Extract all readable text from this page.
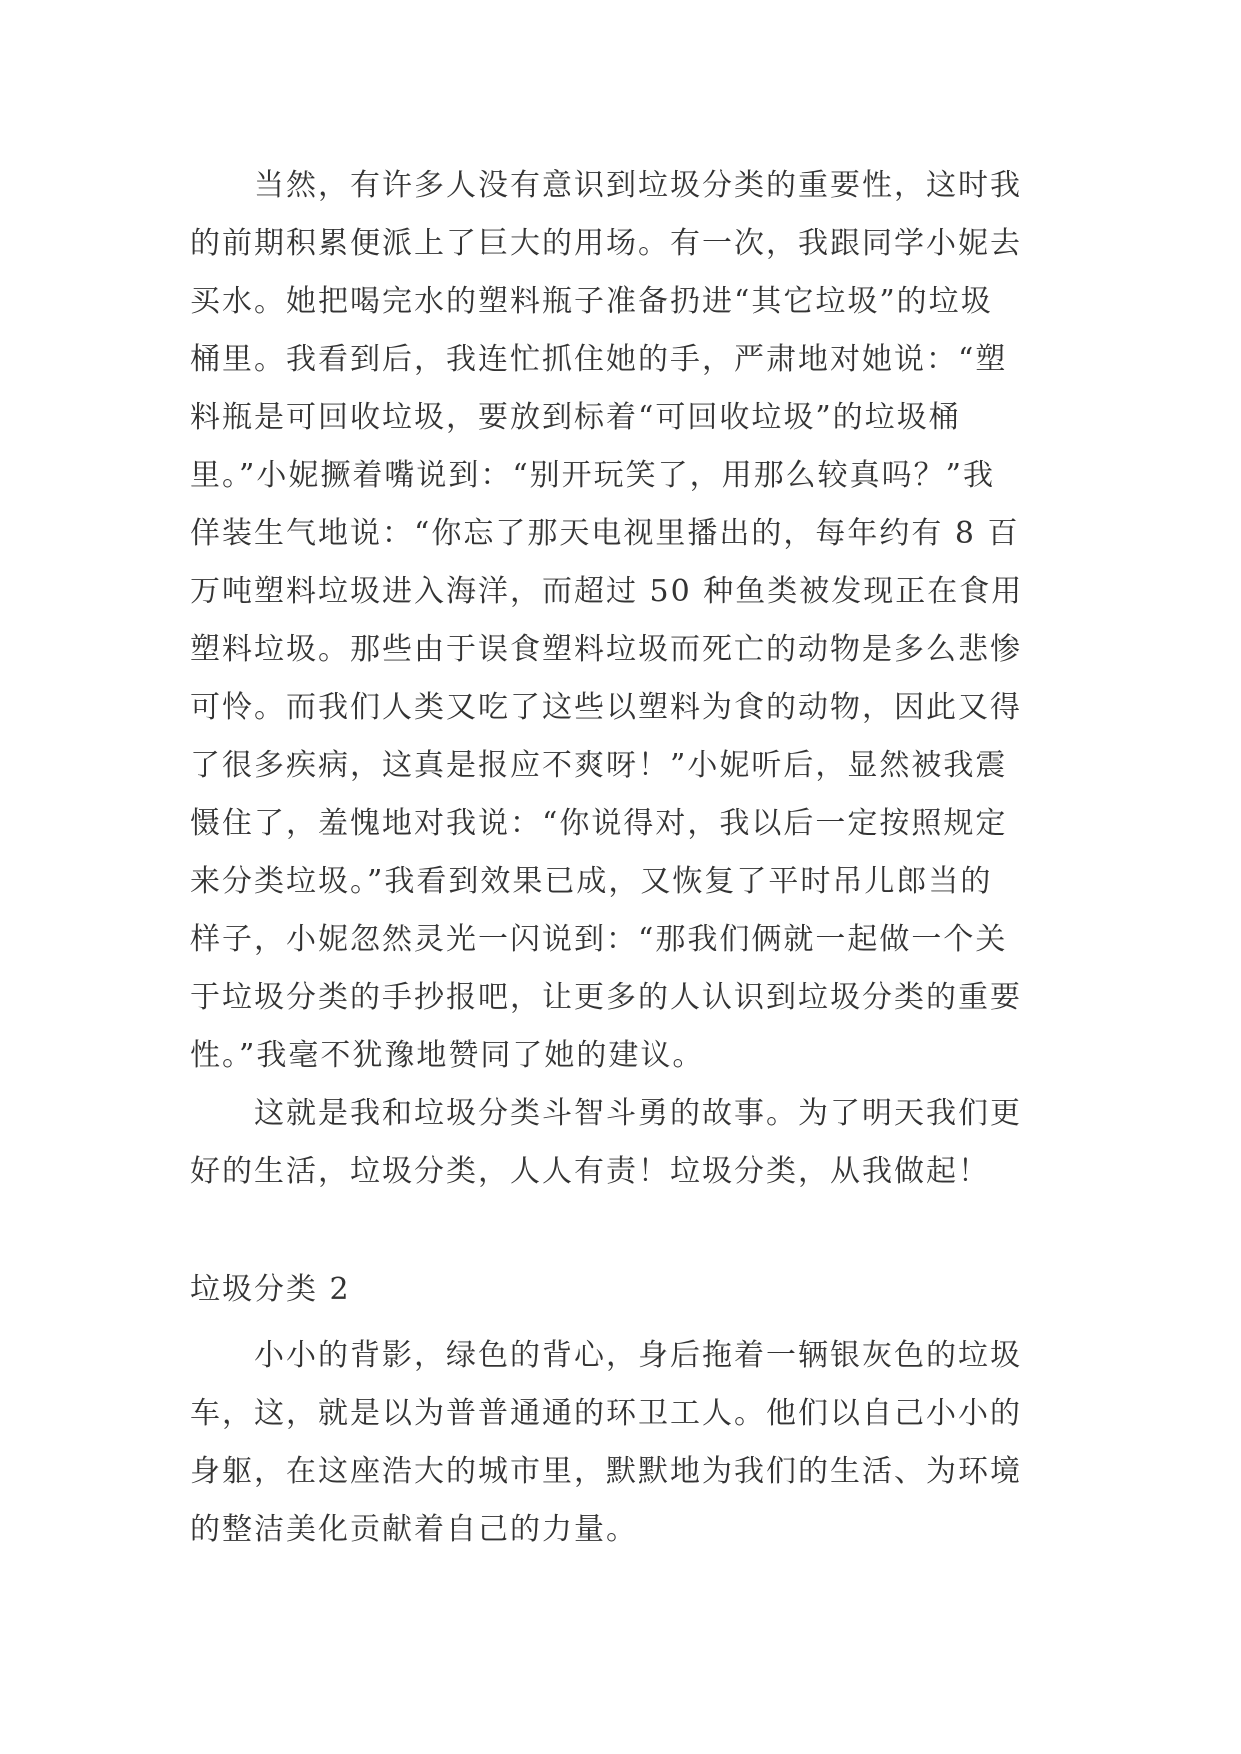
当然，有许多人没有意识到垃圾分类的重要性，这时我
的前期积累便派上了巨大的用场。有一次，我跟同学小妮去
买水。她把喝完水的塑料瓶子准备扔进“其它垃圾”的垃圾
桶里。我看到后，我连忙抓住她的手，严肃地对她说：“塑
料瓶是可回收垃圾，要放到标着“可回收垃圾”的垃圾桶
里。”小妮撅着嘴说到：“别开玩笑了，用那么较真吗？”我
佯装生气地说：“你忘了那天电视里播出的，每年约有 8 百
万吨塑料垃圾进入海洋，而超过 50 种鱼类被发现正在食用
塑料垃圾。那些由于误食塑料垃圾而死亡的动物是多么悲惨
可怜。而我们人类又吃了这些以塑料为食的动物，因此又得
了很多疾病，这真是报应不爽呀！”小妮听后，显然被我震
慑住了，羞愧地对我说：“你说得对，我以后一定按照规定
来分类垃圾。”我看到效果已成，又恢复了平时吊儿郎当的
样子，小妮忽然灵光一闪说到：“那我们俩就一起做一个关
于垃圾分类的手抄报吧，让更多的人认识到垃圾分类的重要
性。”我毫不犹豫地赞同了她的建议。
这就是我和垃圾分类斗智斗勇的故事。为了明天我们更
好的生活，垃圾分类，人人有责！垃圾分类，从我做起！
垃圾分类 2
小小的背影，绿色的背心，身后拖着一辆银灰色的垃圾
车，这，就是以为普普通通的环卫工人。他们以自己小小的
身躯，在这座浩大的城市里，默默地为我们的生活、为环境
的整洁美化贡献着自己的力量。
